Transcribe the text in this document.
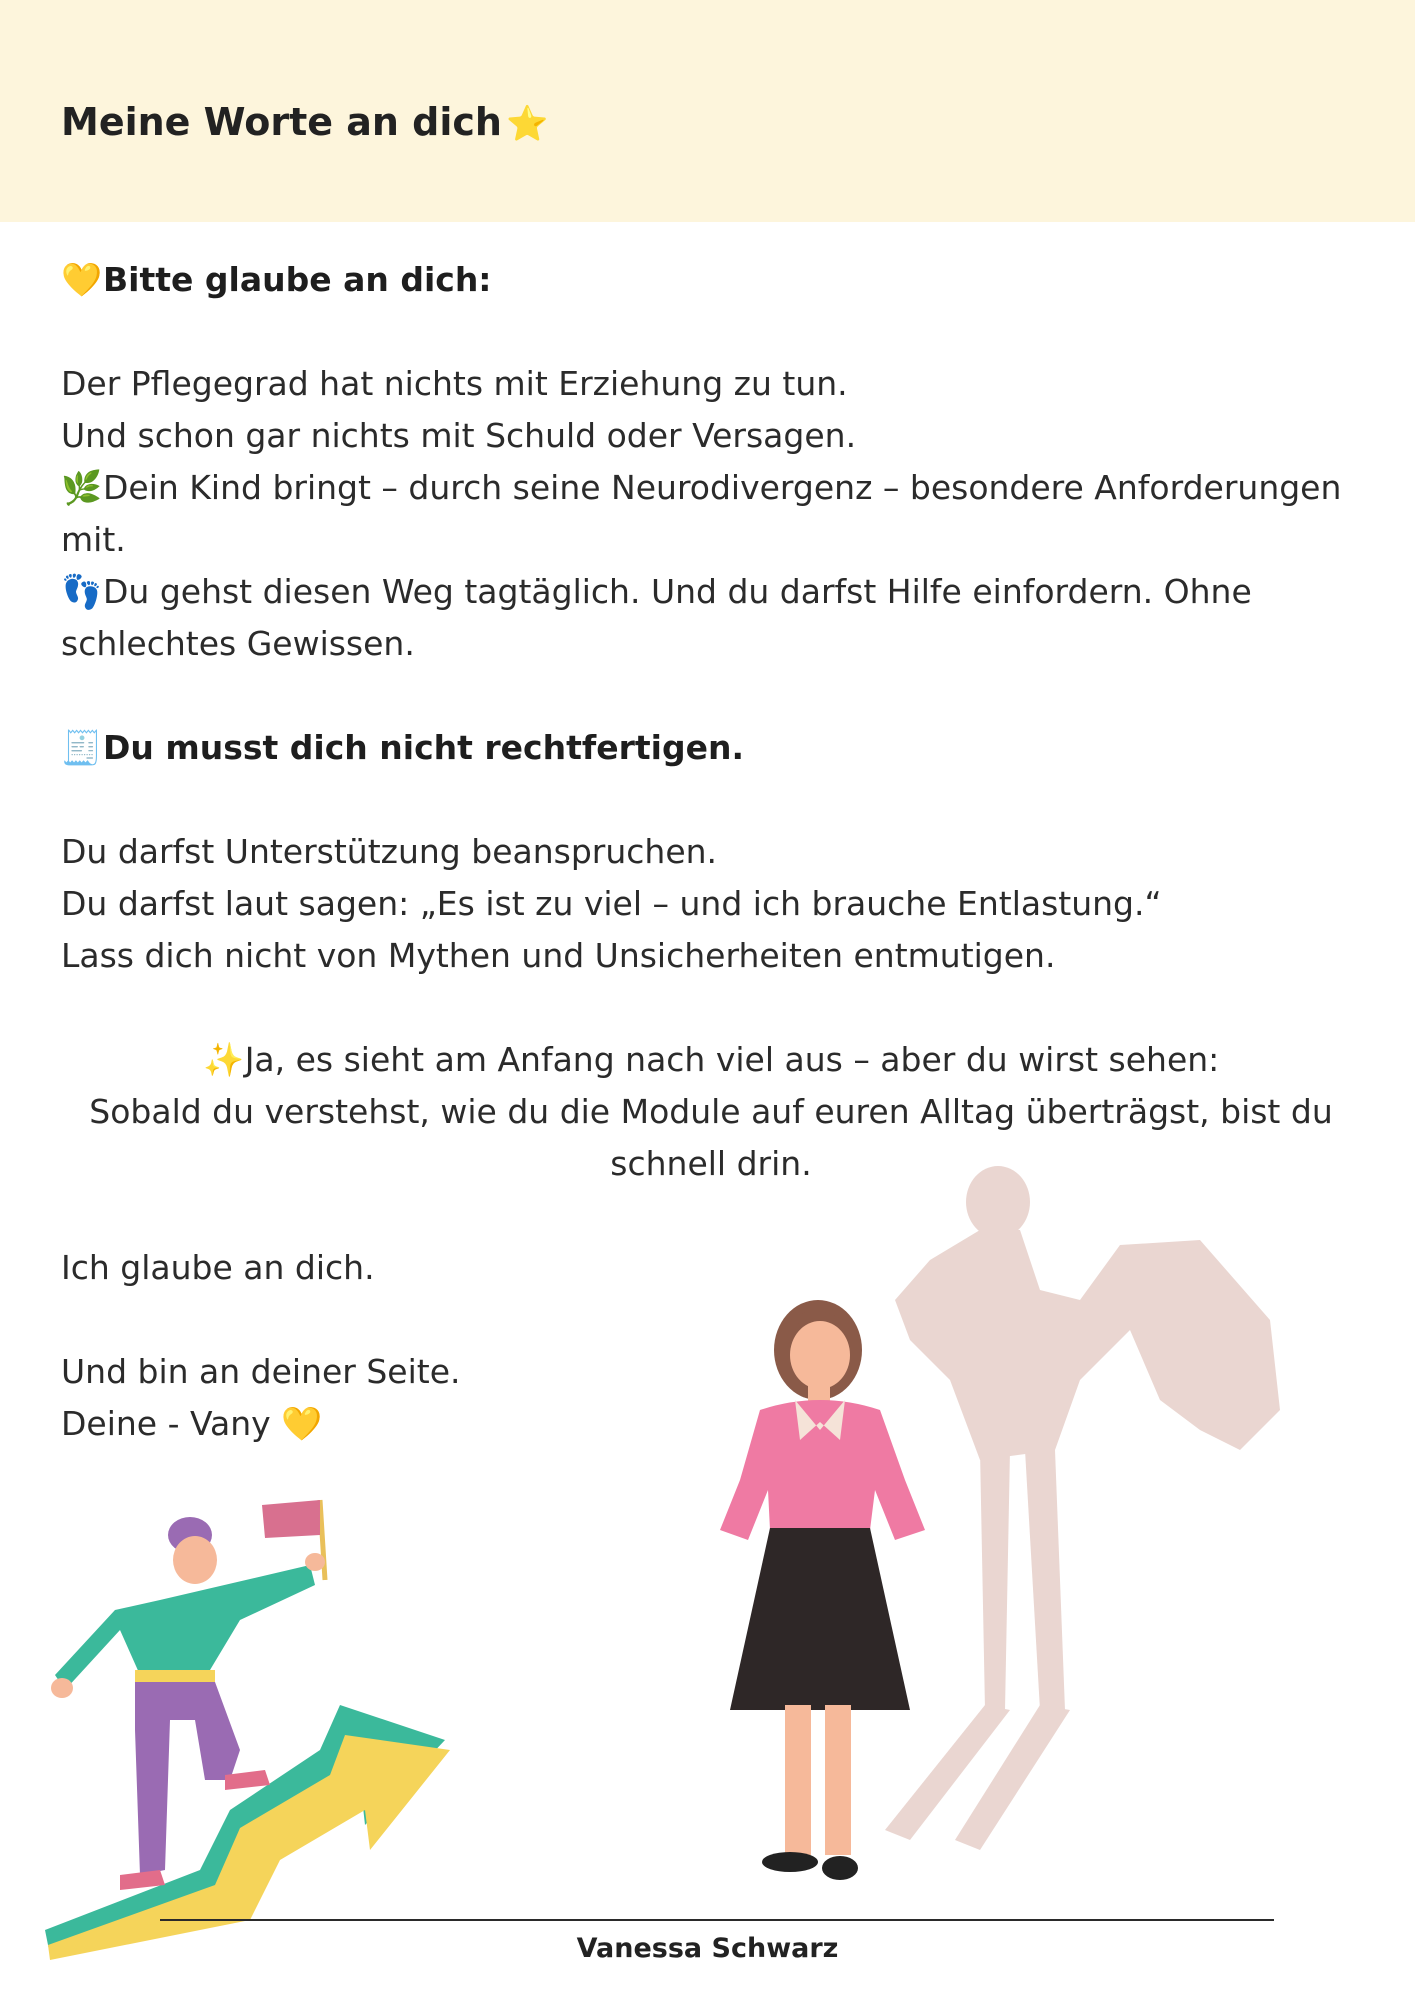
Meine Worte an dich ⭐

💛Bitte glaube an dich:

Der Pflegegrad hat nichts mit Erziehung zu tun.

Und schon gar nichts mit Schuld oder Versagen.

🌿Dein Kind bringt – durch seine Neurodivergenz – besondere Anforderungen mit.

👣Du gehst diesen Weg tagtäglich. Und du darfst Hilfe einfordern. Ohne schlechtes Gewissen.

🧾Du musst dich nicht rechtfertigen.

Du darfst Unterstützung beanspruchen.

Du darfst laut sagen: „Es ist zu viel – und ich brauche Entlastung.“

Lass dich nicht von Mythen und Unsicherheiten entmutigen.

✨Ja, es sieht am Anfang nach viel aus – aber du wirst sehen:

Sobald du verstehst, wie du die Module auf euren Alltag überträgst, bist du schnell drin.

Ich glaube an dich.

Und bin an deiner Seite.

Deine - Vany 💛

Vanessa Schwarz
